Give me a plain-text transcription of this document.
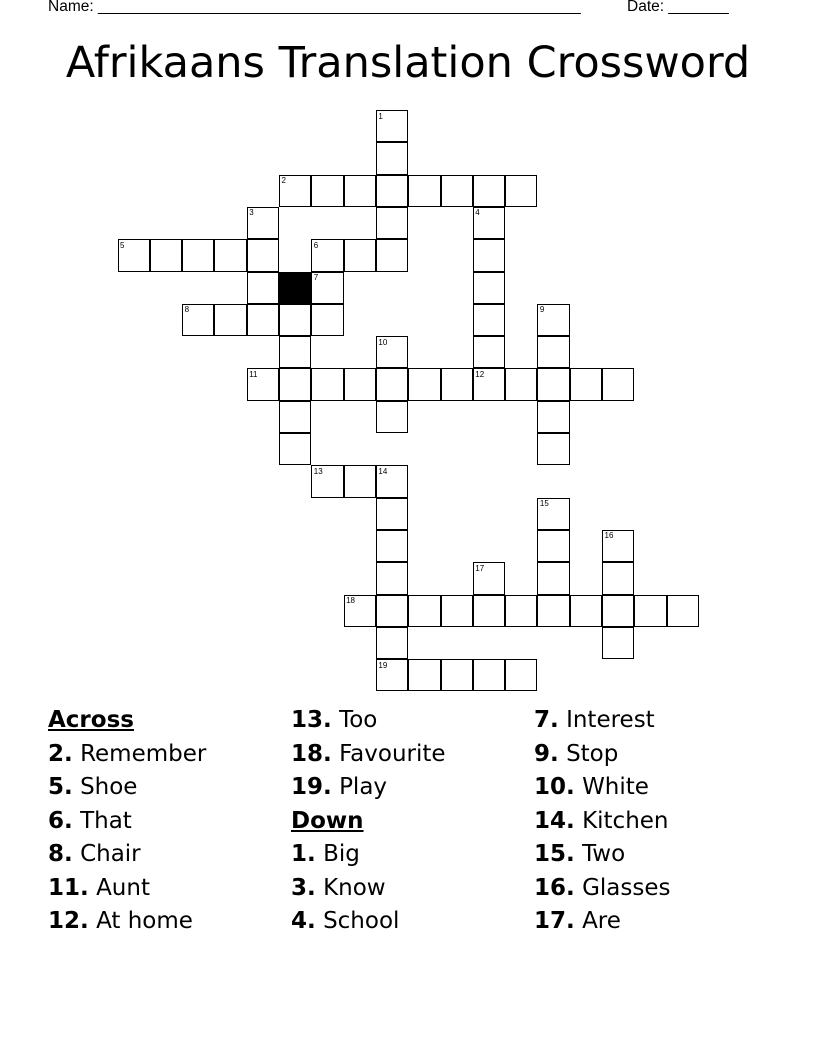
Name: ________________________________________________________	Date: _______
Afrikaans Translation Crossword
1
2
3	4
5	6
7
8	9
10
11	12
13	14
15
16
17
18
19
Across
2. Remember
5. Shoe
6. That
8. Chair
11. Aunt
12. At home
13. Too
18. Favourite
19. Play
Down
1. Big
3. Know
4. School
7. Interest
9. Stop
10. White
14. Kitchen
15. Two
16. Glasses
17. Are
